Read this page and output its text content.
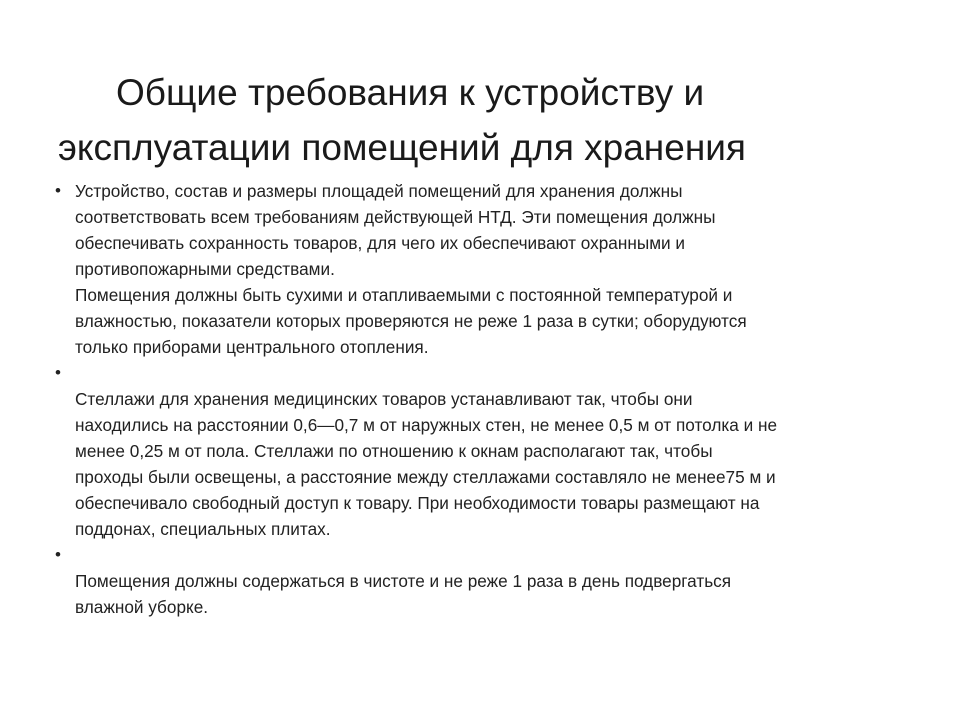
Общие требования к устройству и
эксплуатации помещений для хранения
• Устройство, состав и размеры площадей помещений для хранения должны
соответствовать всем требованиям действующей НТД. Эти помещения должны
обеспечивать сохранность товаров, для чего их обеспечивают охранными и
противопожарными средствами.
Помещения должны быть сухими и отапливаемыми с постоянной температурой и
влажностью, показатели которых проверяются не реже 1 раза в сутки; оборудуются
только приборами центрального отопления.
•
Стеллажи для хранения медицинских товаров устанавливают так, чтобы они
находились на расстоянии 0,6—0,7 м от наружных стен, не менее 0,5 м от потолка и не
менее 0,25 м от пола. Стеллажи по отношению к окнам располагают так, чтобы
проходы были освещены, а расстояние между стеллажами составляло не менее75 м и
обеспечивало свободный доступ к товару. При необходимости товары размещают на
поддонах, специальных плитах.
•
Помещения должны содержаться в чистоте и не реже 1 раза в день подвергаться
влажной уборке.
